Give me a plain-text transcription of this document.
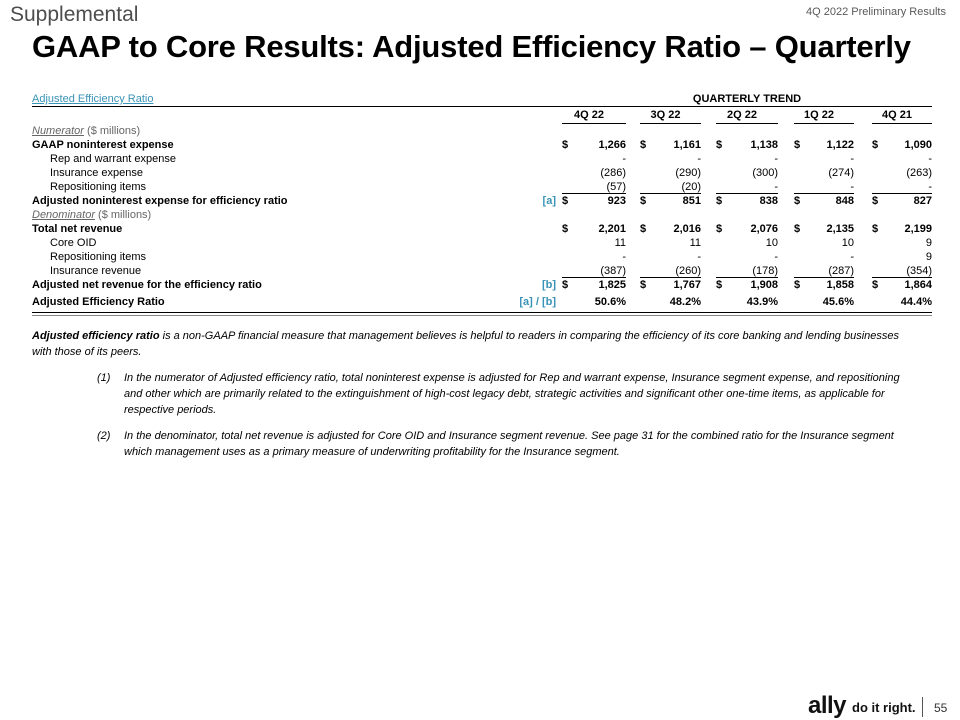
Supplemental	4Q 2022 Preliminary Results
GAAP to Core Results: Adjusted Efficiency Ratio – Quarterly
Adjusted Efficiency Ratio	QUARTERLY TREND
4Q 22	3Q 22	2Q 22	1Q 22	4Q 21
Numerator ($ millions)
GAAP noninterest expense	$	1,266 $	1,161 $	1,138 $	1,122 $	1,090
Rep and warrant expense	-	-	-	-	-
Insurance expense	(286)	(290)	(300)	(274)	(263)
Repositioning items	(57)	(20)	-	-	-
Adjusted noninterest expense for efficiency ratio	[a] $	923 $	851 $	838 $	848 $	827
Denominator ($ millions)
Total net revenue	$	2,201 $	2,016 $	2,076 $	2,135 $	2,199
Core OID	11	11	10	10	9
Repositioning items	-	-	-	-	9
Insurance revenue	(387)	(260)	(178)	(287)	(354)
Adjusted net revenue for the efficiency ratio	[b] $	1,825 $	1,767 $	1,908 $	1,858 $	1,864
Adjusted Efficiency Ratio	[a] / [b]	50.6%	48.2%	43.9%	45.6%	44.4%

Adjusted efficiency ratio is a non-GAAP financial measure that management believes is helpful to readers in comparing the efficiency of its core banking and lending businesses with those of its peers.

(1) In the numerator of Adjusted efficiency ratio, total noninterest expense is adjusted for Rep and warrant expense, Insurance segment expense, and repositioning and other which are primarily related to the extinguishment of high-cost legacy debt, strategic activities and significant other one-time items, as applicable for respective periods.
(2) In the denominator, total net revenue is adjusted for Core OID and Insurance segment revenue. See page 31 for the combined ratio for the Insurance segment which management uses as a primary measure of underwriting profitability for the Insurance segment.
ally do it right. 55
